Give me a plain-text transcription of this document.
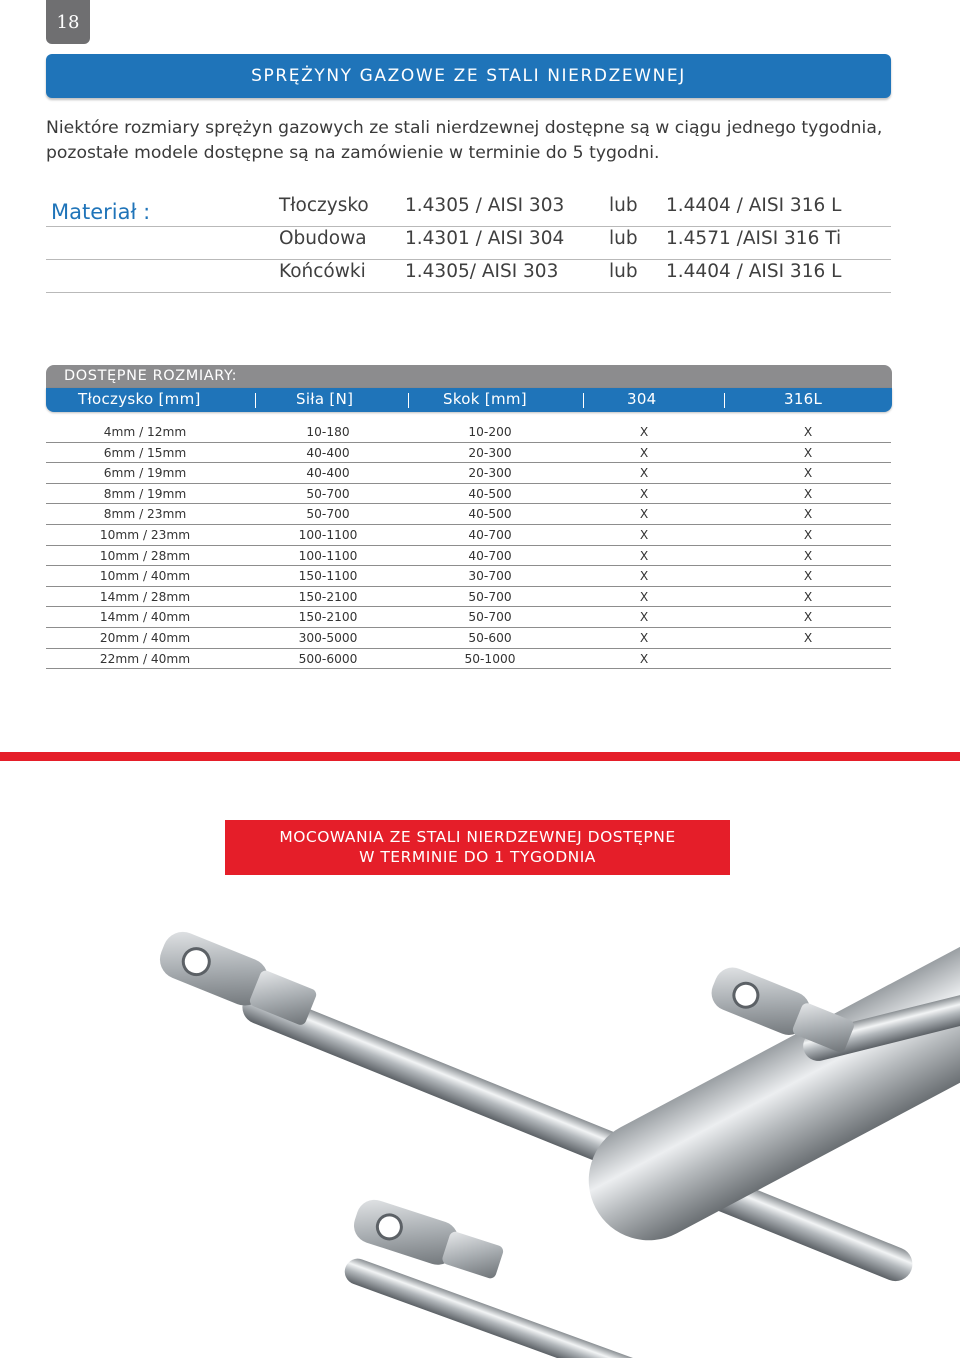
18
SPRĘŻYNY GAZOWE ZE STALI NIERDZEWNEJ

Niektóre rozmiary sprężyn gazowych ze stali nierdzewnej dostępne są w ciągu jednego tygodnia, pozostałe modele dostępne są na zamówienie w terminie do 5 tygodni.

Materiał :	Tłoczysko 1.4305 / AISI 303 lub 1.4404 / AISI 316 L
Obudowa 1.4301 / AISI 304 lub 1.4571 /AISI 316 Ti
Końcówki 1.4305/ AISI 303	lub 1.4404 / AISI 316 L
DOSTĘPNE ROZMIARY:
Tłoczysko [mm]	Siła [N]	Skok [mm]	304	316L
4mm / 12mm	10-180	10-200	X	X
6mm / 15mm	40-400	20-300	X	X
6mm / 19mm	40-400	20-300	X	X
8mm / 19mm	50-700	40-500	X	X
8mm / 23mm	50-700	40-500	X	X
10mm / 23mm	100-1100	40-700	X	X
10mm / 28mm	100-1100	40-700	X	X
10mm / 40mm	150-1100	30-700	X	X
14mm / 28mm	150-2100	50-700	X	X
14mm / 40mm	150-2100	50-700	X	X
20mm / 40mm	300-5000	50-600	X	X
22mm / 40mm	500-6000	50-1000	X
MOCOWANIA ZE STALI NIERDZEWNEJ DOSTĘPNE
W TERMINIE DO 1 TYGODNIA
